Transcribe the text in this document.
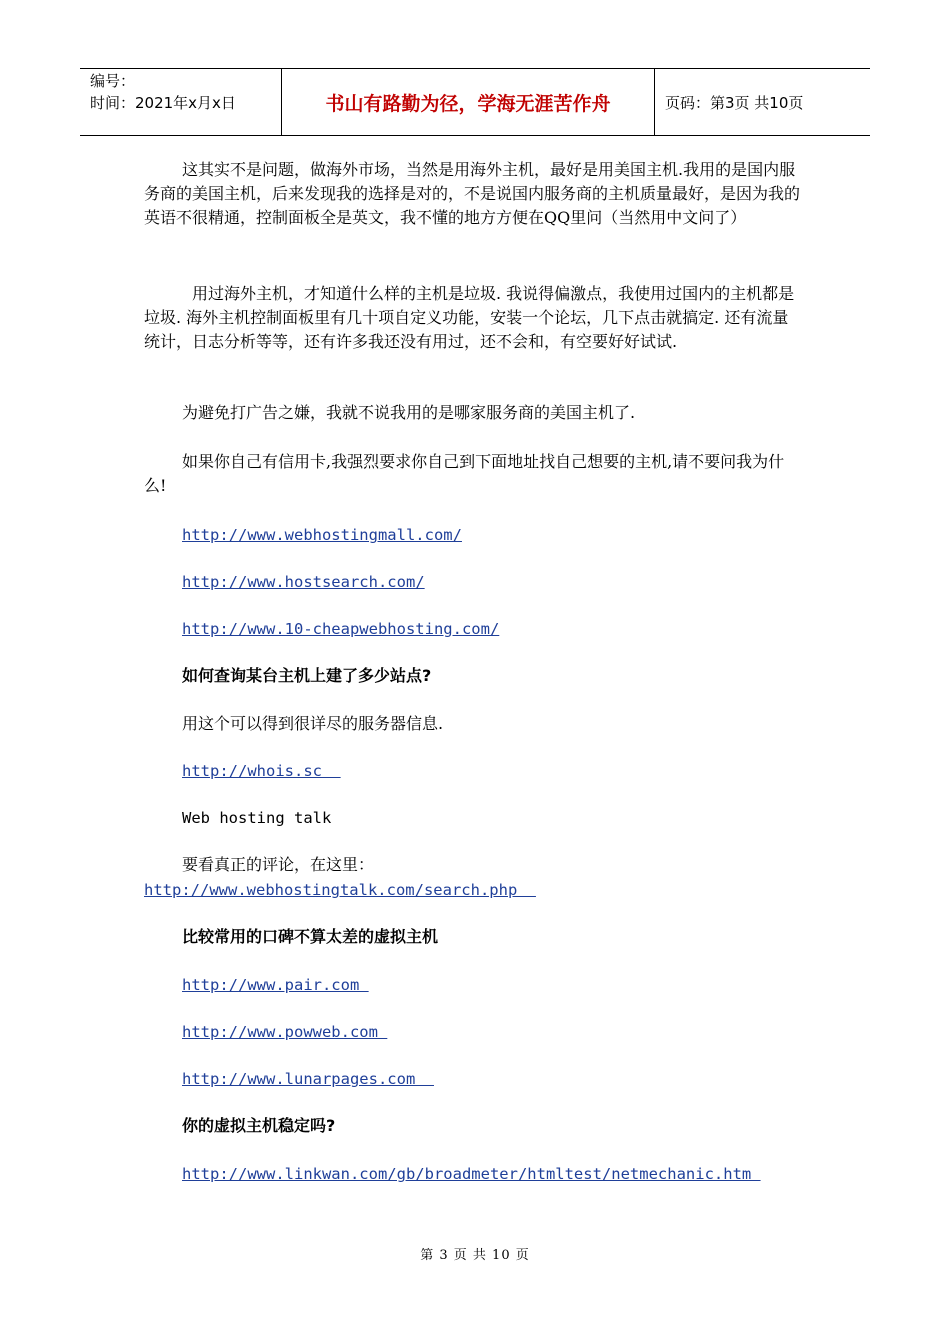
编号：
时间：2021年x月x日	书山有路勤为径，学海无涯苦作舟	页码：第3页 共10页

这其实不是问题，做海外市场，当然是用海外主机，最好是用美国主机.我用的是国内服务商的美国主机，后来发现我的选择是对的，不是说国内服务商的主机质量最好，是因为我的英语不很精通，控制面板全是英文，我不懂的地方方便在QQ里问（当然用中文问了）

用过海外主机，才知道什么样的主机是垃圾. 我说得偏激点，我使用过国内的主机都是垃圾. 海外主机控制面板里有几十项自定义功能，安装一个论坛，几下点击就搞定. 还有流量统计，日志分析等等，还有许多我还没有用过，还不会和，有空要好好试试.

为避免打广告之嫌，我就不说我用的是哪家服务商的美国主机了.

如果你自己有信用卡,我强烈要求你自己到下面地址找自己想要的主机,请不要问我为什么!

http://www.webhostingmall.com/
http://www.hostsearch.com/
http://www.10-cheapwebhosting.com/
如何查询某台主机上建了多少站点?
用这个可以得到很详尽的服务器信息.
http://whois.sc
Web hosting talk
要看真正的评论，在这里：
http://www.webhostingtalk.com/search.php
比较常用的口碑不算太差的虚拟主机
http://www.pair.com
http://www.powweb.com
http://www.lunarpages.com
你的虚拟主机稳定吗?
http://www.linkwan.com/gb/broadmeter/htmltest/netmechanic.htm
第 3 页 共 10 页
